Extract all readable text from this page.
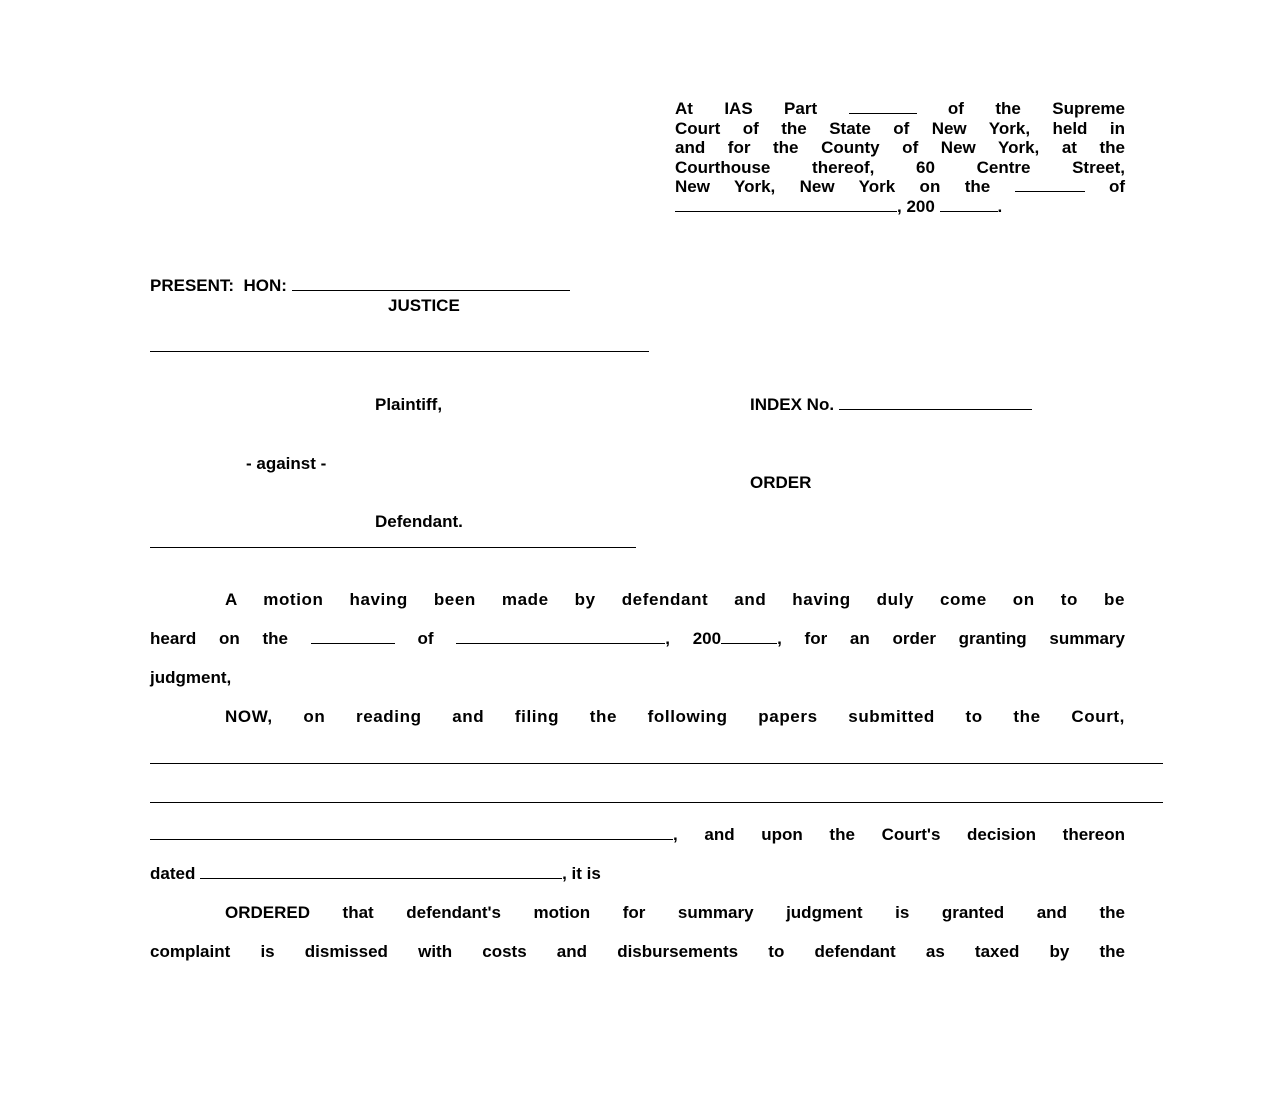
At IAS Part	of the Supreme
Court of the State of New York, held in
and for the County of New York, at the
Courthouse thereof, 60 Centre Street,
New York, New York on the	of
, 200	.
PRESENT:  HON:
JUSTICE
Plaintiff,
- against -
Defendant.
INDEX No.
ORDER
A motion having been made by defendant and having duly come on to be
heard on the	of	, 200	, for an order granting summary
judgment,
NOW, on reading and filing the following papers submitted to the Court,
, and upon the Court's decision thereon
dated	, it is
ORDERED that defendant's motion for summary judgment is granted and the
complaint is dismissed with costs and disbursements to defendant as taxed by the
